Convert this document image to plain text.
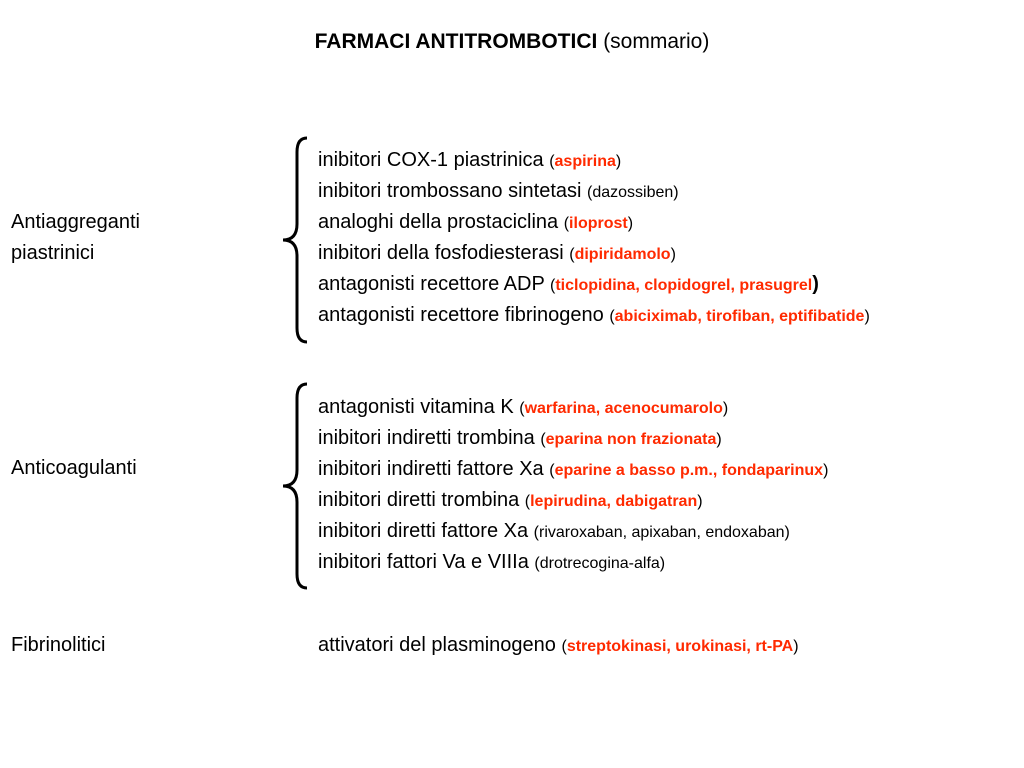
FARMACI ANTITROMBOTICI (sommario)
Antiaggreganti
piastrinici
inibitori COX-1 piastrinica (aspirina)
inibitori trombossano sintetasi (dazossiben)
analoghi della prostaciclina (iloprost)
inibitori della fosfodiesterasi (dipiridamolo)
antagonisti recettore ADP (ticlopidina, clopidogrel, prasugrel)
antagonisti recettore fibrinogeno (abiciximab, tirofiban, eptifibatide)
Anticoagulanti
antagonisti vitamina K (warfarina, acenocumarolo)
inibitori indiretti trombina (eparina non frazionata)
inibitori indiretti fattore Xa (eparine a basso p.m., fondaparinux)
inibitori diretti trombina (lepirudina, dabigatran)
inibitori diretti fattore Xa (rivaroxaban, apixaban, endoxaban)
inibitori fattori Va e VIIIa (drotrecogina-alfa)
Fibrinolitici	attivatori del plasminogeno (streptokinasi, urokinasi, rt-PA)
